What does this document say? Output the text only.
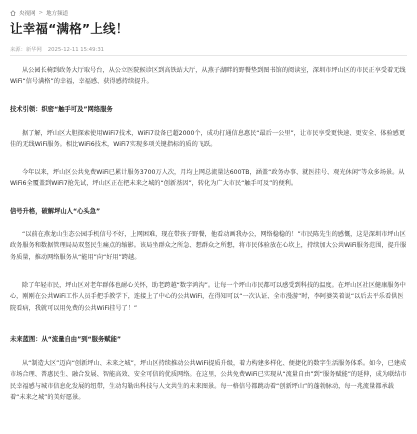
央视网 > 地方频道
让幸福“满格”上线！
来源：新华网 2025-12-11 15:49:31

从公园长椅到政务大厅取号台，从公立医院候诊区到高铁站大厅，从燕子湖畔的野餐垫到图书馆的阅读室，深圳市坪山区的市民正享受着无线WiFi“信号满格”的幸福，幸福感、获得感持续提升。

技术引领：织密“触手可及”网络服务

据了解，坪山区大胆探索使用WiFi7技术，WiFi7设备已超2000个，成功打通信息惠民“最后一公里”，让市民享受更快速、更安全、体验感更佳的无线WiFi服务。相比WiFi6技术，WiFi7实现多项关键指标的质的飞跃。

今年以来，坪山区公共免费WiFi已累计服务3700万人次，月均上网总流量达600TB，涵盖“政务办事、就医挂号、观光休闲”等众多场景。从WiFi6全覆盖到WiFi7抢先试，坪山区正在把未来之城的“创新基因”，转化为广大市民“触手可及”的便利。

信号升格，破解坪山人“心头急”

“以前在燕龙山生态公园手机信号不好，上网困难，现在带孩子野餐，他看动画我办公，网络稳稳的！”市民陈先生的感慨，这是深圳市坪山区政务服务和数据管理局局双竖民生痛点的缩影。该局坐群众之所急、想群众之所想，将市民体验放在心坎上，持续加大公共WiFi服务范围，提升服务质量，推动网络服务从“能用”向“好用”跨越。

除了年轻市民，坪山区对老年群体也耐心关怀，助老跨越“数字鸿沟”。让每一个坪山市民都可以感受到科技的温度。在坪山区社区健康服务中心，刚刚在公共WiFi工作人员手把手教学下，连接上了中心的公共WiFi，在得知可以“一次认证、全市漫游”时，李阿婆笑着说“以后去平乐看供医院看病，我就可以用免费的公共WiFi挂号了！”

未来蓝图：从“流量自由”到“服务赋能”

从“制造大区”迈向“创新坪山、未来之城”，坪山区持续推动公共WiFi提质升级，着力构建多样化、便捷化的数字生活服务体系。如今，已建成市场合理、普惠民生、融合发展、智能高效、安全可信的优质网络。在这里，公共免费WiFi已实现从“流量自由”到“服务赋能”的延伸，成为联结市民幸福感与城市信息化发展的纽带，生动勾勒出科技与人文共生的未来图景。每一格信号都跳动着“创新坪山”的蓬勃脉动，每一兆流量都承载着“未来之城”的美好愿景。
